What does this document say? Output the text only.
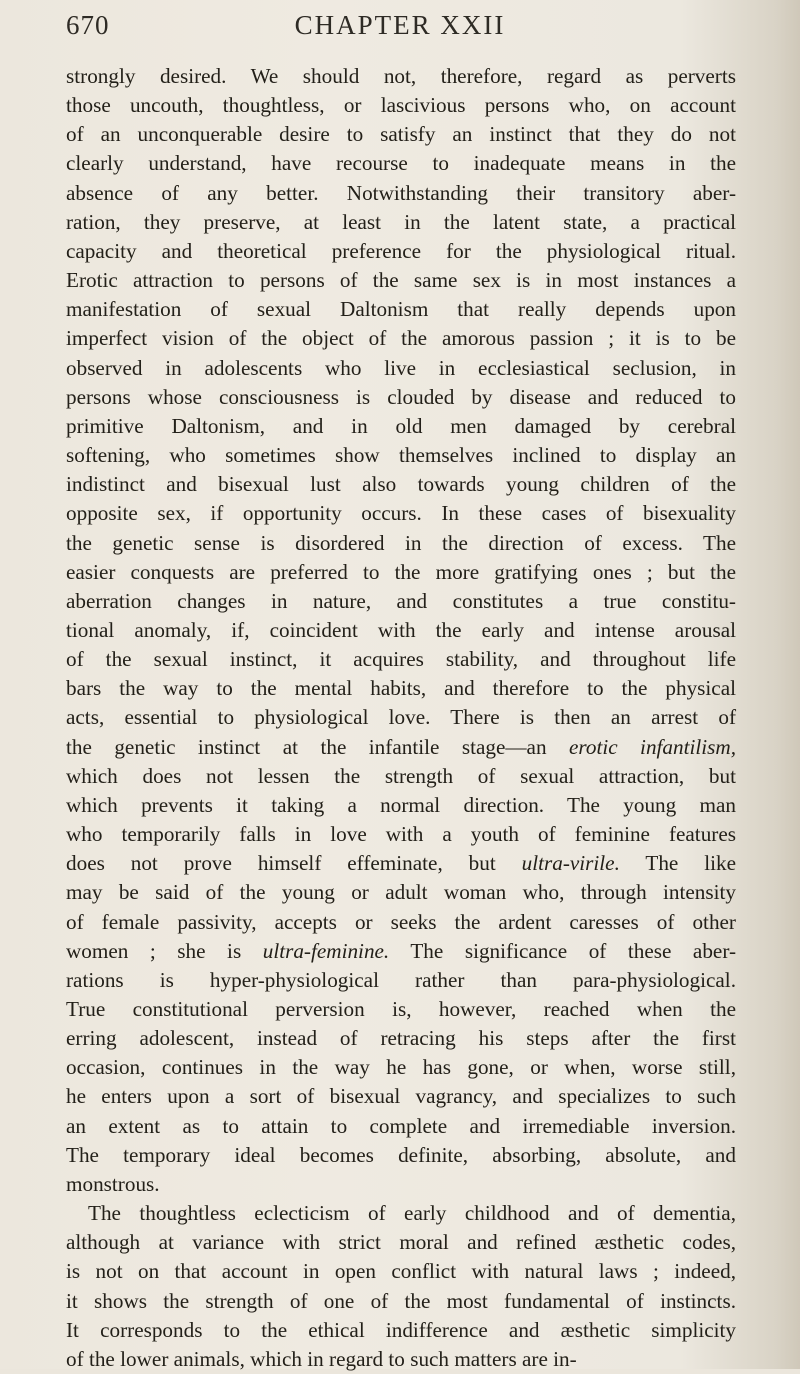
670	CHAPTER XXII
strongly desired. We should not, therefore, regard as perverts
those uncouth, thoughtless, or lascivious persons who, on account
of an unconquerable desire to satisfy an instinct that they do not
clearly understand, have recourse to inadequate means in the
absence of any better. Notwithstanding their transitory aber-
ration, they preserve, at least in the latent state, a practical
capacity and theoretical preference for the physiological ritual.
Erotic attraction to persons of the same sex is in most instances a
manifestation of sexual Daltonism that really depends upon
imperfect vision of the object of the amorous passion ; it is to be
observed in adolescents who live in ecclesiastical seclusion, in
persons whose consciousness is clouded by disease and reduced to
primitive Daltonism, and in old men damaged by cerebral
softening, who sometimes show themselves inclined to display an
indistinct and bisexual lust also towards young children of the
opposite sex, if opportunity occurs. In these cases of bisexuality
the genetic sense is disordered in the direction of excess. The
easier conquests are preferred to the more gratifying ones ; but the
aberration changes in nature, and constitutes a true constitu-
tional anomaly, if, coincident with the early and intense arousal
of the sexual instinct, it acquires stability, and throughout life
bars the way to the mental habits, and therefore to the physical
acts, essential to physiological love. There is then an arrest of
the genetic instinct at the infantile stage—an erotic infantilism,
which does not lessen the strength of sexual attraction, but
which prevents it taking a normal direction. The young man
who temporarily falls in love with a youth of feminine features
does not prove himself effeminate, but ultra-virile. The like
may be said of the young or adult woman who, through intensity
of female passivity, accepts or seeks the ardent caresses of other
women ; she is ultra-feminine. The significance of these aber-
rations is hyper-physiological rather than para-physiological.
True constitutional perversion is, however, reached when the
erring adolescent, instead of retracing his steps after the first
occasion, continues in the way he has gone, or when, worse still,
he enters upon a sort of bisexual vagrancy, and specializes to such
an extent as to attain to complete and irremediable inversion.
The temporary ideal becomes definite, absorbing, absolute, and
monstrous.
The thoughtless eclecticism of early childhood and of dementia,
although at variance with strict moral and refined æsthetic codes,
is not on that account in open conflict with natural laws ; indeed,
it shows the strength of one of the most fundamental of instincts.
It corresponds to the ethical indifference and æsthetic simplicity
of the lower animals, which in regard to such matters are in-
